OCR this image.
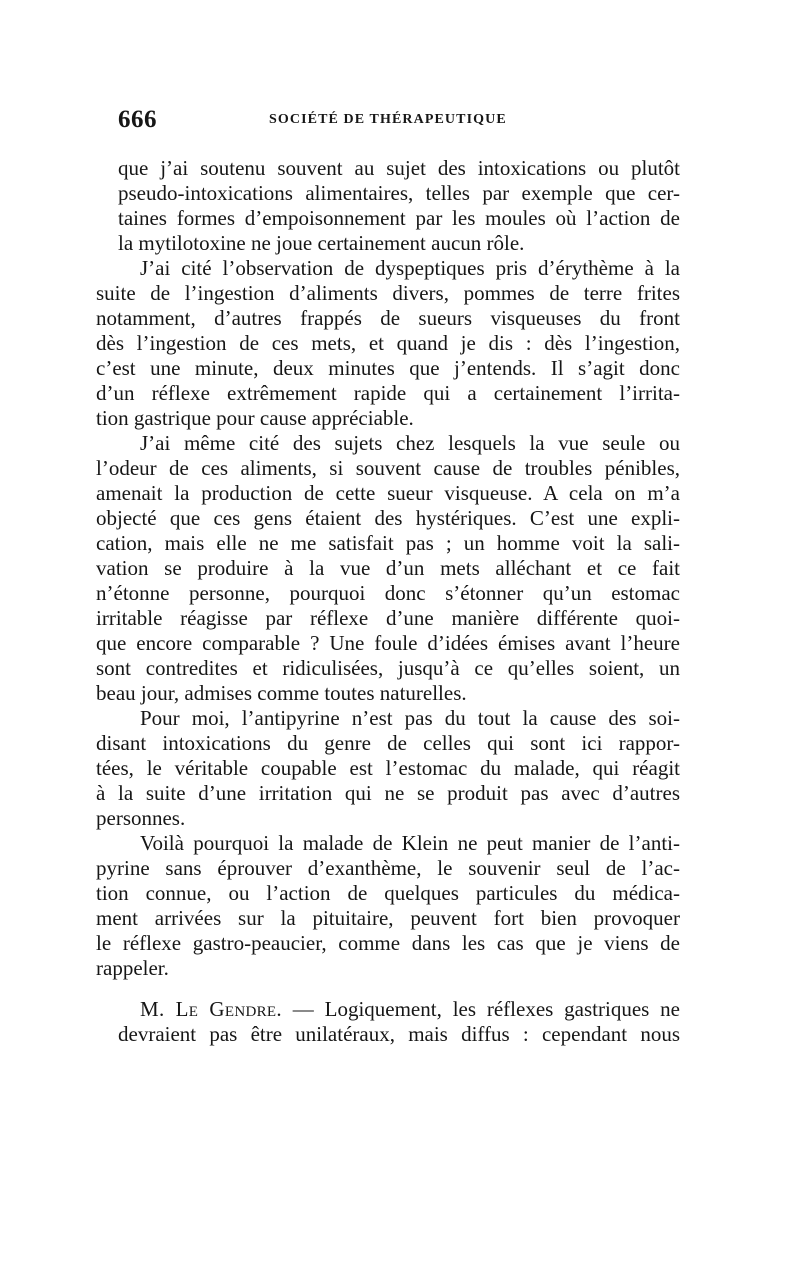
666	SOCIÉTÉ DE THÉRAPEUTIQUE

que j’ai soutenu souvent au sujet des intoxications ou plutôt
pseudo-intoxications alimentaires, telles par exemple que cer-
taines formes d’empoisonnement par les moules où l’action de
la mytilotoxine ne joue certainement aucun rôle.

J’ai cité l’observation de dyspeptiques pris d’érythème à la
suite de l’ingestion d’aliments divers, pommes de terre frites
notamment, d’autres frappés de sueurs visqueuses du front
dès l’ingestion de ces mets, et quand je dis : dès l’ingestion,
c’est une minute, deux minutes que j’entends. Il s’agit donc
d’un réflexe extrêmement rapide qui a certainement l’irrita-
tion gastrique pour cause appréciable.

J’ai même cité des sujets chez lesquels la vue seule ou
l’odeur de ces aliments, si souvent cause de troubles pénibles,
amenait la production de cette sueur visqueuse. A cela on m’a
objecté que ces gens étaient des hystériques. C’est une expli-
cation, mais elle ne me satisfait pas ; un homme voit la sali-
vation se produire à la vue d’un mets alléchant et ce fait
n’étonne personne, pourquoi donc s’étonner qu’un estomac
irritable réagisse par réflexe d’une manière différente quoi-
que encore comparable ? Une foule d’idées émises avant l’heure
sont contredites et ridiculisées, jusqu’à ce qu’elles soient, un
beau jour, admises comme toutes naturelles.

Pour moi, l’antipyrine n’est pas du tout la cause des soi-
disant intoxications du genre de celles qui sont ici rappor-
tées, le véritable coupable est l’estomac du malade, qui réagit
à la suite d’une irritation qui ne se produit pas avec d’autres
personnes.

Voilà pourquoi la malade de Klein ne peut manier de l’anti-
pyrine sans éprouver d’exanthème, le souvenir seul de l’ac-
tion connue, ou l’action de quelques particules du médica-
ment arrivées sur la pituitaire, peuvent fort bien provoquer
le réflexe gastro-peaucier, comme dans les cas que je viens de
rappeler.

M. Le Gendre. — Logiquement, les réflexes gastriques ne
devraient pas être unilatéraux, mais diffus : cependant nous
